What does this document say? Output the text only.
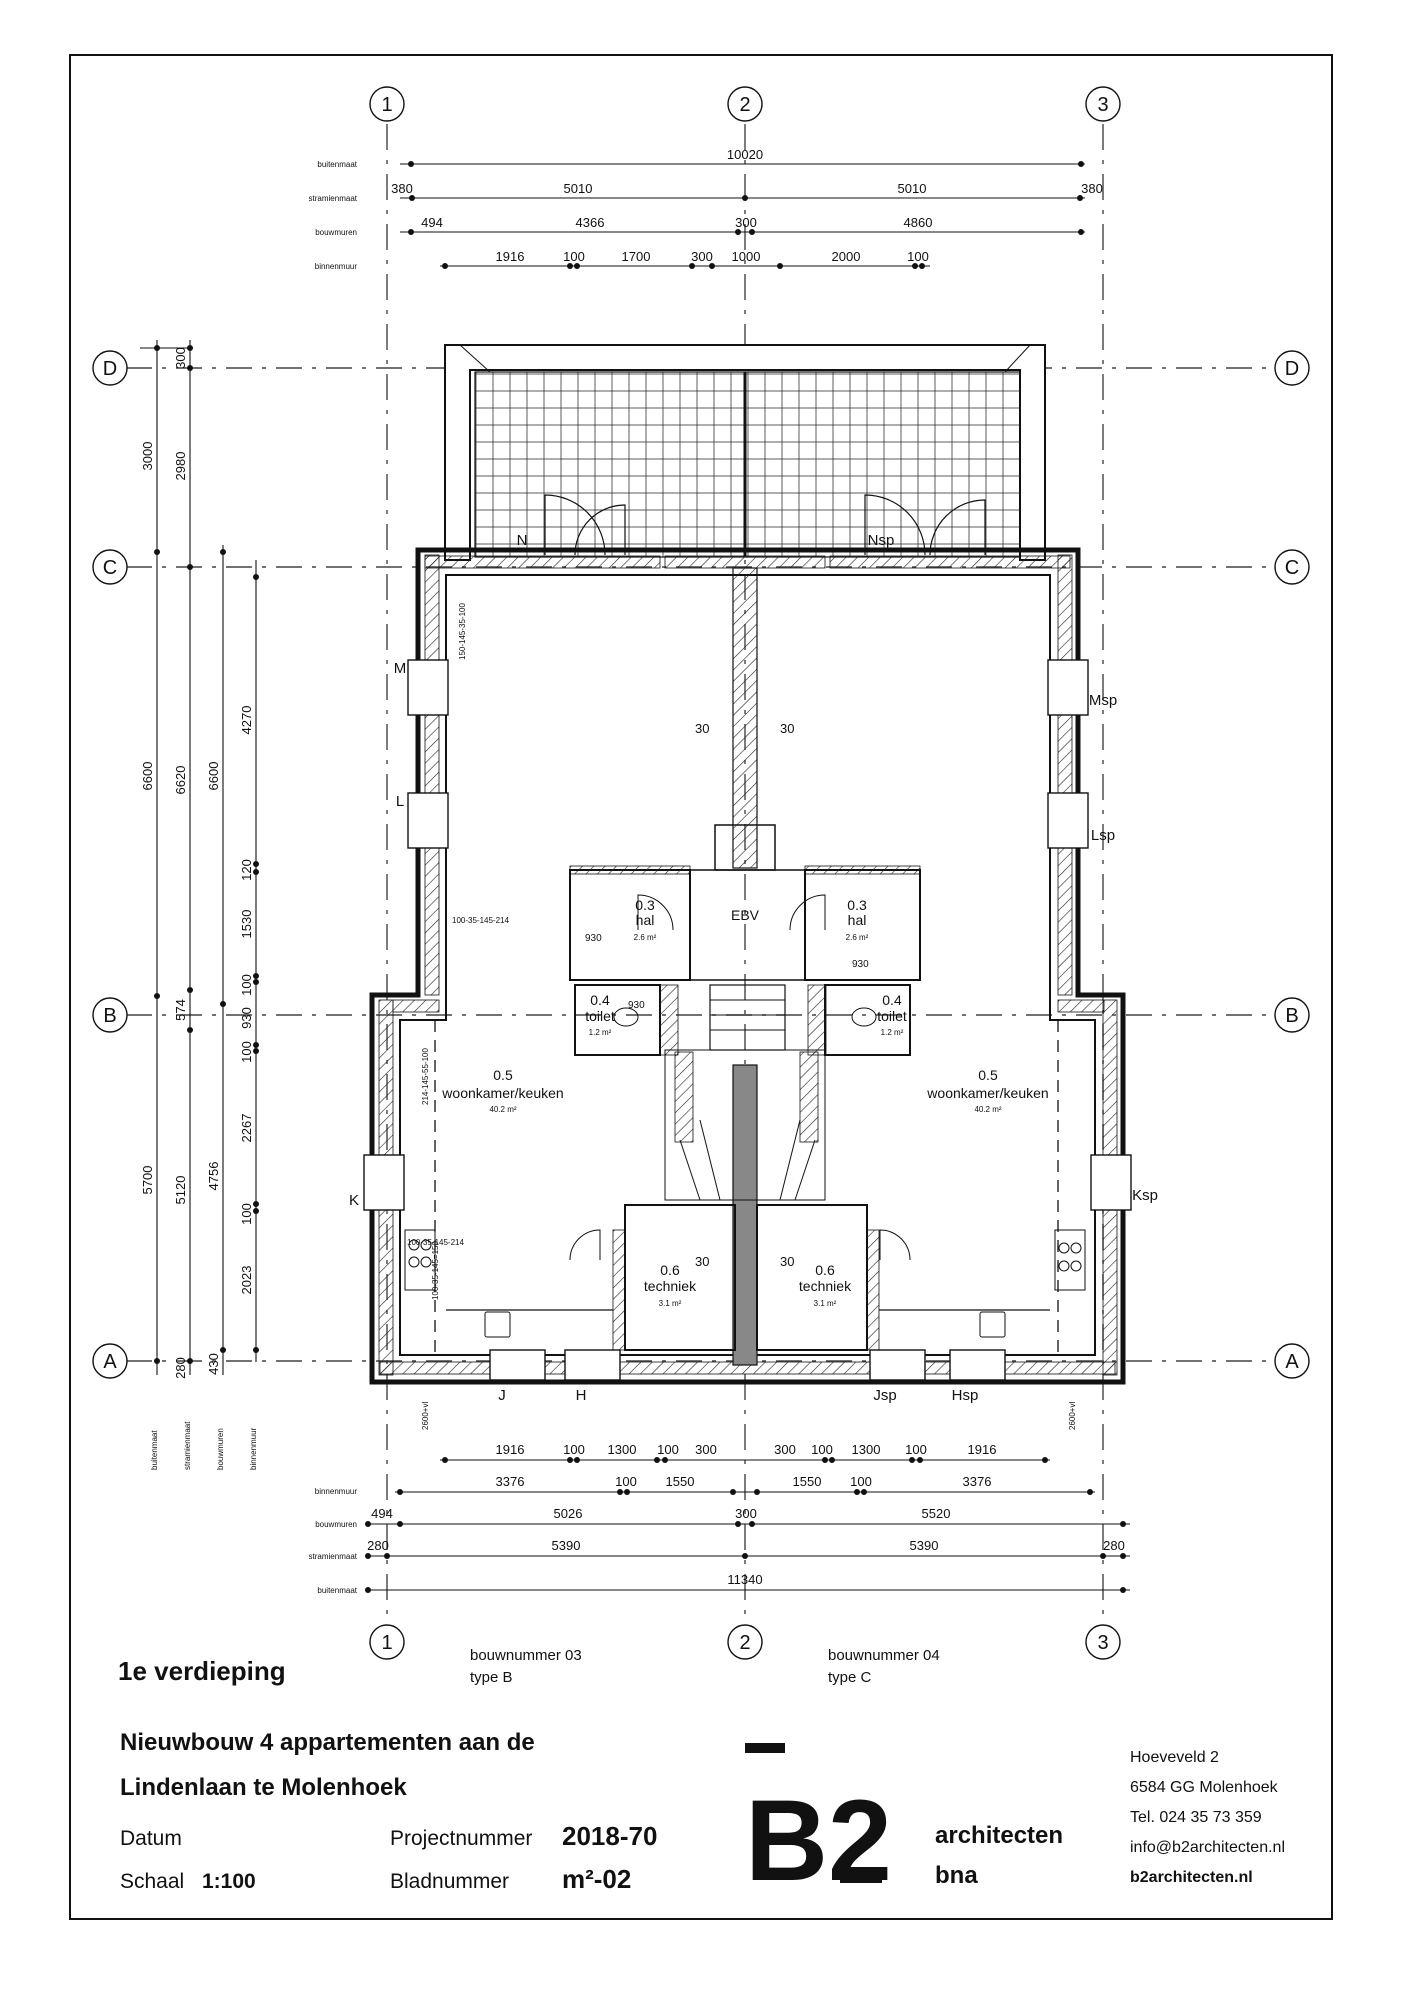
1	2	3
1	2	3
D
C
B
A
D
C
B
A
buitenmaat
stramienmaat
bouwmuren
binnenmuur
10020
380	5010	5010	380
494	4366	300	4860
1916	100	1700	300 1000	2000	100
3000
6600
5700
300
2980
6620
574
5120
280
6600
4756
430
4270
120
1530
100
930
100
2267
100
2023
buitenmaat	stramienmaat	bouwmuren	binnenmuur
N	Nsp
M
L
K
J	H
Msp
Lsp
Ksp
Jsp	Hsp
0.3
hal
2.6 m²
0.3
hal
2.6 m²
0.4
toilet
1.2 m²
0.4
toilet
1.2 m²
0.5
woonkamer/keuken
40.2 m²
0.5
woonkamer/keuken
40.2 m²
0.6
techniek
3.1 m²
0.6
techniek
3.1 m²
EBV
930
930
930
30	30
30	30
150-145-35-100
100-35-145-214
214-145-55-100
100-35-145-214
100-35-145=150
2600+vl	2600+vl
binnenmuur
bouwmuren
stramienmaat
buitenmaat
1916	100 1300 100 300	300 100 1300 100	1916
3376	100 1550	1550 100	3376
494	5026	300	5520
280	5390	5390	280
11340
bouwnummer 03
type B
bouwnummer 04
type C
1e verdieping
Nieuwbouw 4 appartementen aan de
Lindenlaan te Molenhoek
Datum
Schaal 1:100
Projectnummer 2018-70
Bladnummer m²-02 B2 architecten
bna
Hoeveveld 2
6584 GG Molenhoek
Tel. 024 35 73 359
info@b2architecten.nl
b2architecten.nl
